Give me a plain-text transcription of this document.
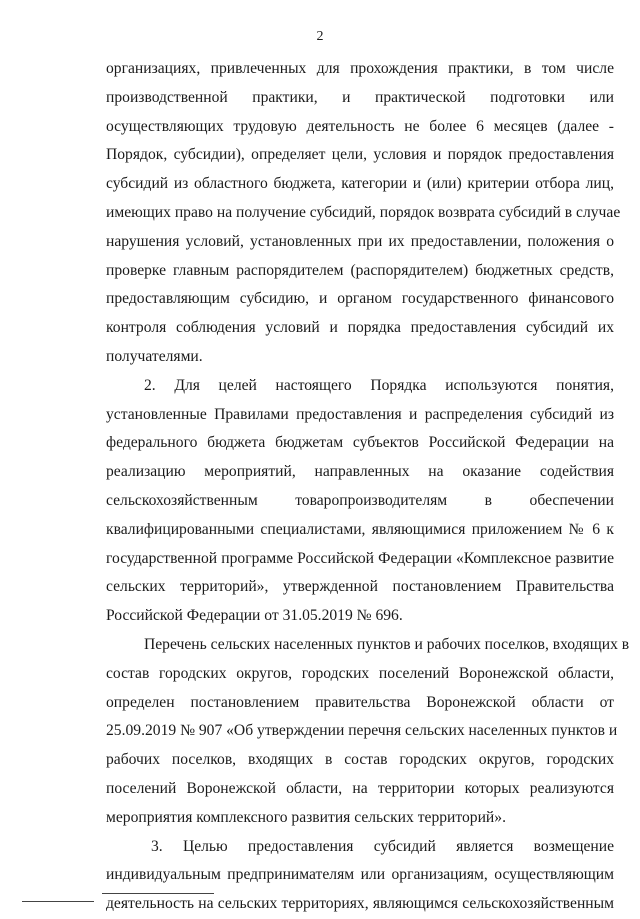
2
организациях, привлеченных для прохождения практики, в том числе
производственной практики, и практической подготовки или
осуществляющих трудовую деятельность не более 6 месяцев (далее -
Порядок, субсидии), определяет цели, условия и порядок предоставления
субсидий из областного бюджета, категории и (или) критерии отбора лиц,
имеющих право на получение субсидий, порядок возврата субсидий в случае
нарушения условий, установленных при их предоставлении, положения о
проверке главным распорядителем (распорядителем) бюджетных средств,
предоставляющим субсидию, и органом государственного финансового
контроля соблюдения условий и порядка предоставления субсидий их
получателями.
2. Для целей настоящего Порядка используются понятия,
установленные Правилами предоставления и распределения субсидий из
федерального бюджета бюджетам субъектов Российской Федерации на
реализацию мероприятий, направленных на оказание содействия
сельскохозяйственным товаропроизводителям в обеспечении
квалифицированными специалистами, являющимися приложением № 6 к
государственной программе Российской Федерации «Комплексное развитие
сельских территорий», утвержденной постановлением Правительства
Российской Федерации от 31.05.2019 № 696.
Перечень сельских населенных пунктов и рабочих поселков, входящих в
состав городских округов, городских поселений Воронежской области,
определен постановлением правительства Воронежской области от
25.09.2019 № 907 «Об утверждении перечня сельских населенных пунктов и
рабочих поселков, входящих в состав городских округов, городских
поселений Воронежской области, на территории которых реализуются
мероприятия комплексного развития сельских территорий».
3. Целью предоставления субсидий является возмещение
индивидуальным предпринимателям или организациям, осуществляющим
деятельность на сельских территориях, являющимся сельскохозяйственным
